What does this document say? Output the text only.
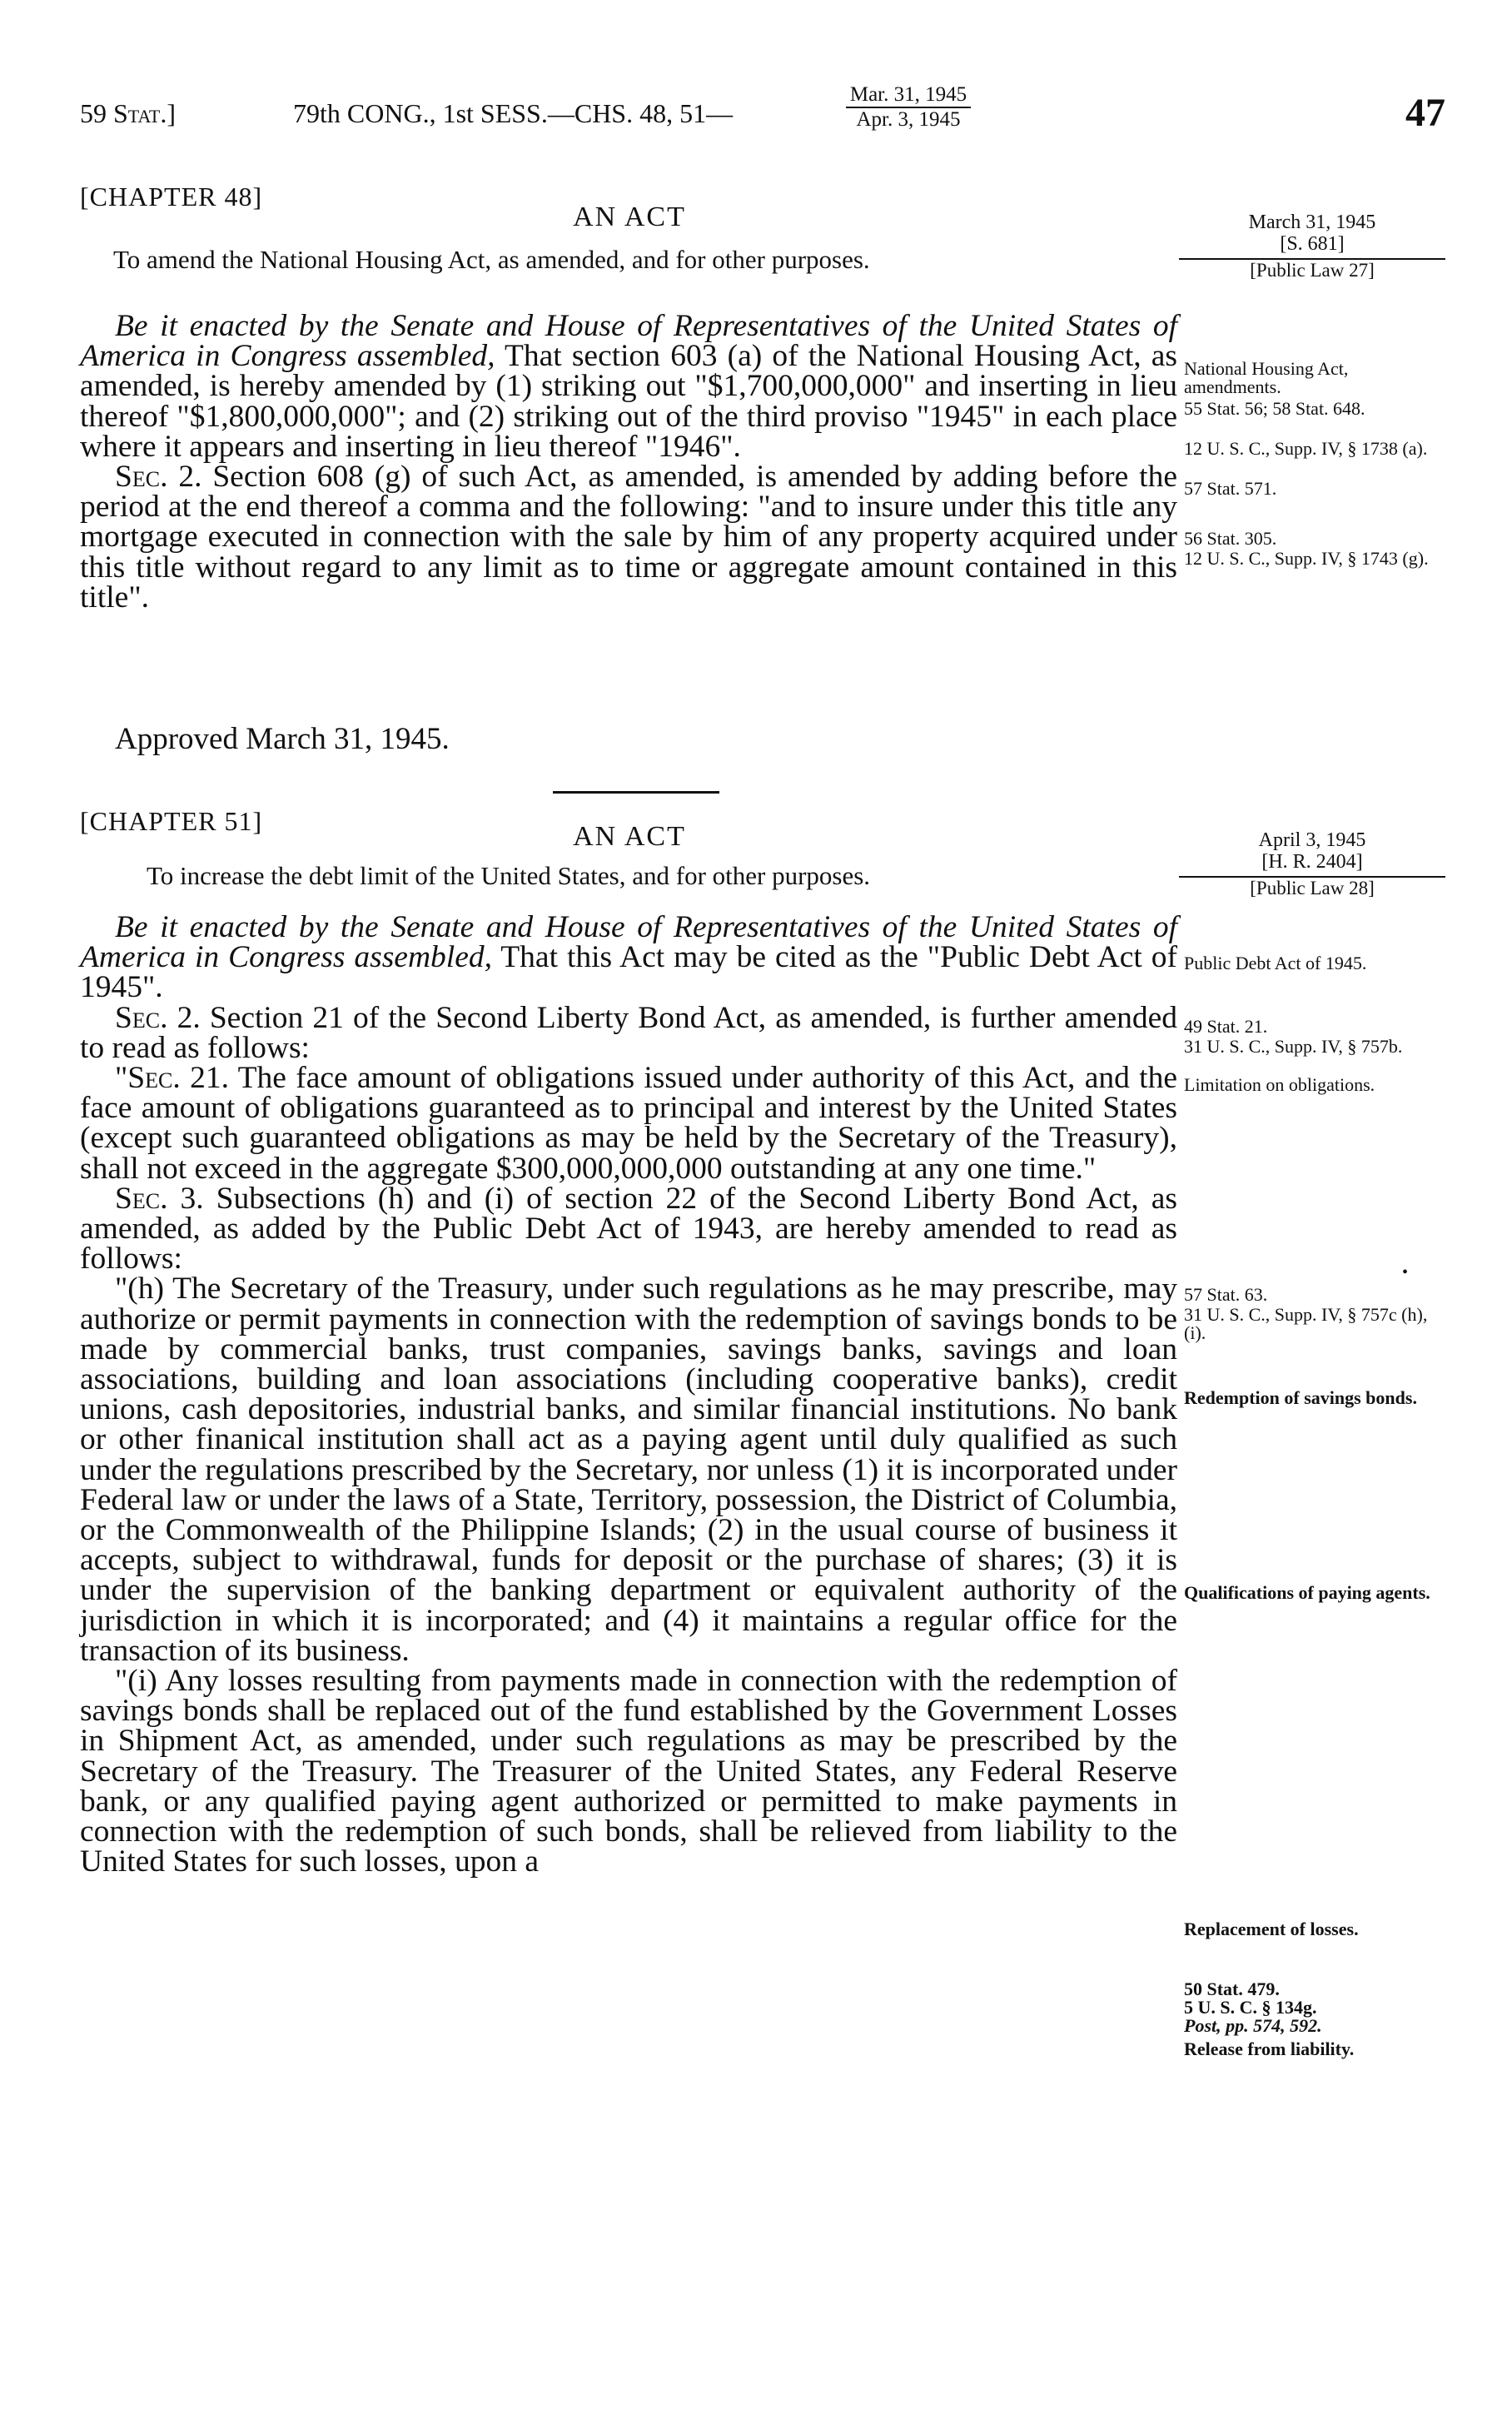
59 Stat.]	79th CONG., 1st SESS.—CHS. 48, 51—
Mar. 31, 1945
Apr. 3, 1945	47
[CHAPTER 48]
AN ACT
To amend the National Housing Act, as amended, and for other purposes.
March 31, 1945
[S. 681]
[Public Law 27]

Be it enacted by the Senate and House of Representatives of the United States of America in Congress assembled, That section 603 (a) of the National Housing Act, as amended, is hereby amended by (1) striking out "$1,700,000,000" and inserting in lieu thereof "$1,800,000,000"; and (2) striking out of the third proviso "1945" in each place where it appears and inserting in lieu thereof "1946".

Sec. 2. Section 608 (g) of such Act, as amended, is amended by adding before the period at the end thereof a comma and the following: "and to insure under this title any mortgage executed in connection with the sale by him of any property acquired under this title without regard to any limit as to time or aggregate amount contained in this title".

Approved March 31, 1945.
National Housing Act, amendments.
55 Stat. 56; 58 Stat. 648.
12 U. S. C., Supp. IV, § 1738 (a).
57 Stat. 571.
56 Stat. 305.
12 U. S. C., Supp. IV, § 1743 (g).
[CHAPTER 51]	AN ACT
To increase the debt limit of the United States, and for other purposes.
April 3, 1945
[H. R. 2404]
[Public Law 28]

Be it enacted by the Senate and House of Representatives of the United States of America in Congress assembled, That this Act may be cited as the "Public Debt Act of 1945".

Sec. 2. Section 21 of the Second Liberty Bond Act, as amended, is further amended to read as follows:

"Sec. 21. The face amount of obligations issued under authority of this Act, and the face amount of obligations guaranteed as to principal and interest by the United States (except such guaranteed obligations as may be held by the Secretary of the Treasury), shall not exceed in the aggregate $300,000,000,000 outstanding at any one time."

Sec. 3. Subsections (h) and (i) of section 22 of the Second Liberty Bond Act, as amended, as added by the Public Debt Act of 1943, are hereby amended to read as follows:

"(h) The Secretary of the Treasury, under such regulations as he may prescribe, may authorize or permit payments in connection with the redemption of savings bonds to be made by commercial banks, trust companies, savings banks, savings and loan associations, building and loan associations (including cooperative banks), credit unions, cash depositories, industrial banks, and similar financial institutions. No bank or other finanical institution shall act as a paying agent until duly qualified as such under the regulations prescribed by the Secretary, nor unless (1) it is incorporated under Federal law or under the laws of a State, Territory, possession, the District of Columbia, or the Commonwealth of the Philippine Islands; (2) in the usual course of business it accepts, subject to withdrawal, funds for deposit or the purchase of shares; (3) it is under the supervision of the banking department or equivalent authority of the jurisdiction in which it is incorporated; and (4) it maintains a regular office for the transaction of its business.

"(i) Any losses resulting from payments made in connection with the redemption of savings bonds shall be replaced out of the fund established by the Government Losses in Shipment Act, as amended, under such regulations as may be prescribed by the Secretary of the Treasury. The Treasurer of the United States, any Federal Reserve bank, or any qualified paying agent authorized or permitted to make payments in connection with the redemption of such bonds, shall be relieved from liability to the United States for such losses, upon a

Public Debt Act of 1945.
49 Stat. 21.
31 U. S. C., Supp. IV, § 757b.
Limitation on obligations.
57 Stat. 63.
31 U. S. C., Supp. IV, § 757c (h), (i).
Redemption of savings bonds.
Qualifications of paying agents.
Replacement of losses.
50 Stat. 479.
5 U. S. C. § 134g.
Post, pp. 574, 592.
Release from liability.
•
